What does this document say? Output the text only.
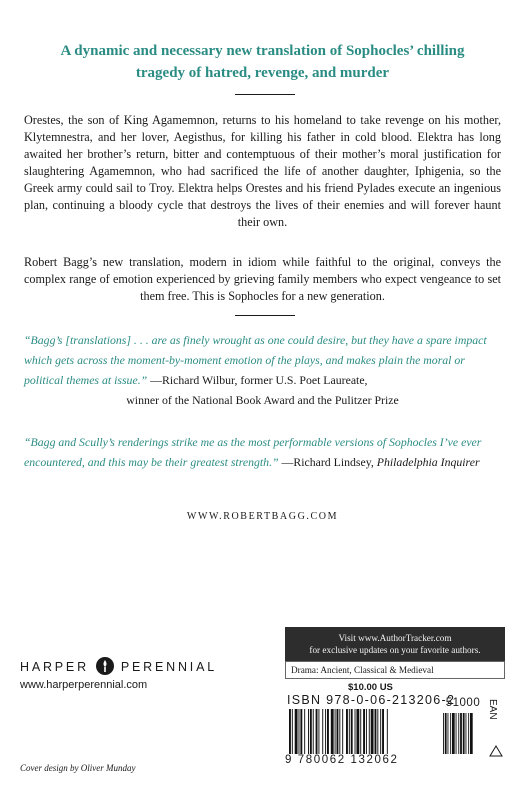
A dynamic and necessary new translation of Sophocles’ chilling
tragedy of hatred, revenge, and murder

Orestes, the son of King Agamemnon, returns to his homeland to take revenge on his mother, Klytemnestra, and her lover, Aegisthus, for killing his father in cold blood. Elektra has long awaited her brother’s return, bitter and contemptuous of their mother’s moral justification for slaughtering Agamemnon, who had sacrificed the life of another daughter, Iphigenia, so the Greek army could sail to Troy. Elektra helps Orestes and his friend Pylades execute an ingenious plan, continuing a bloody cycle that destroys the lives of their enemies and will forever haunt their own.

Robert Bagg’s new translation, modern in idiom while faithful to the original, conveys the complex range of emotion experienced by grieving family members who expect vengeance to set them free. This is Sophocles for a new generation.

“Bagg’s [translations] . . . are as finely wrought as one could desire, but they have a spare impact which gets across the moment-by-moment emotion of the plays, and makes plain the moral or political themes at issue.” —Richard Wilbur, former U.S. Poet Laureate,
winner of the National Book Award and the Pulitzer Prize
“Bagg and Scully’s renderings strike me as the most performable versions of Sophocles I’ve ever encountered, and this may be their greatest strength.” —Richard Lindsey, Philadelphia Inquirer
WWW.ROBERTBAGG.COM
HARPER	PERENNIAL
www.harperperennial.com
Visit www.AuthorTracker.com
for exclusive updates on your favorite authors.
Drama: Ancient, Classical & Medieval
$10.00 US
ISBN 978-0-06-213206-2	EAN
51000
9 780062 132062
Cover design by Oliver Munday
